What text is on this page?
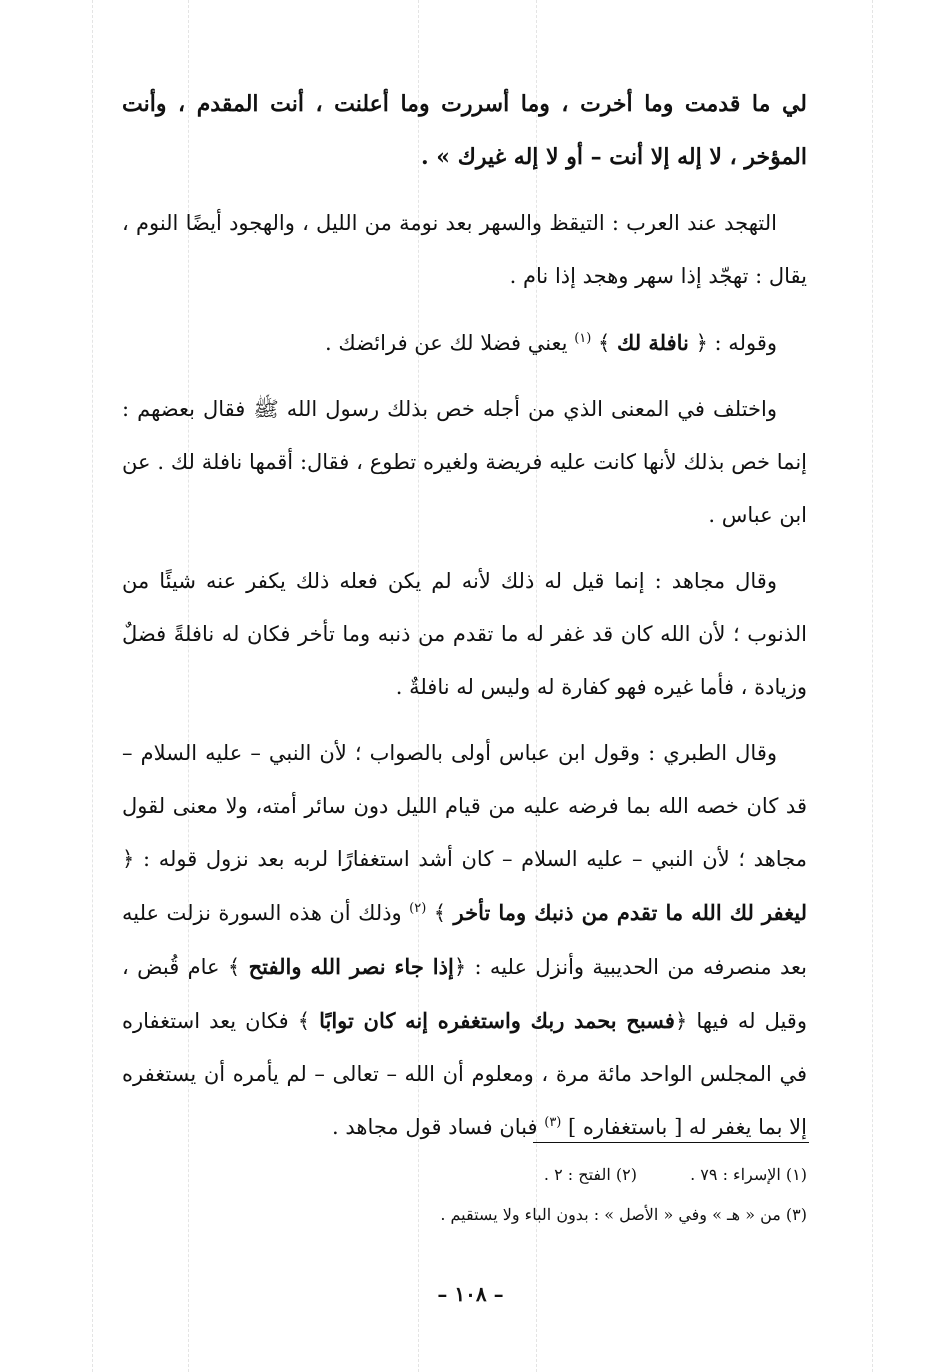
لي ما قدمت وما أخرت ، وما أسررت وما أعلنت ، أنت المقدم ، وأنت المؤخر ، لا إله إلا أنت – أو لا إله غيرك » .

التهجد عند العرب : التيقظ والسهر بعد نومة من الليل ، والهجود أيضًا النوم ، يقال : تهجّد إذا سهر وهجد إذا نام .

وقوله : ﴿ نافلة لك ﴾ $^{(١)}$ يعني فضلا لك عن فرائضك .

واختلف في المعنى الذي من أجله خص بذلك رسول الله ﷺ فقال بعضهم : إنما خص بذلك لأنها كانت عليه فريضة ولغيره تطوع ، فقال: أقمها نافلة لك . عن ابن عباس .

وقال مجاهد : إنما قيل له ذلك لأنه لم يكن فعله ذلك يكفر عنه شيئًا من الذنوب ؛ لأن الله كان قد غفر له ما تقدم من ذنبه وما تأخر فكان له نافلةً فضلٌ وزيادة ، فأما غيره فهو كفارة له وليس له نافلةٌ .

وقال الطبري : وقول ابن عباس أولى بالصواب ؛ لأن النبي – عليه السلام – قد كان خصه الله بما فرضه عليه من قيام الليل دون سائر أمته، ولا معنى لقول مجاهد ؛ لأن النبي – عليه السلام – كان أشد استغفارًا لربه بعد نزول قوله : ﴿ ليغفر لك الله ما تقدم من ذنبك وما تأخر ﴾ $^{(٢)}$ وذلك أن هذه السورة نزلت عليه بعد منصرفه من الحديبية وأنزل عليه : ﴿إذا جاء نصر الله والفتح ﴾ عام قُبض ، وقيل له فيها ﴿فسبح بحمد ربك واستغفره إنه كان توابًا ﴾ فكان يعد استغفاره في المجلس الواحد مائة مرة ، ومعلوم أن الله – تعالى – لم يأمره أن يستغفره إلا بما يغفر له [ باستغفاره ] $^{(٣)}$ فبان فساد قول مجاهد .

(١) الإسراء : ٧٩ .
(٢) الفتح : ٢ .
(٣) من « هـ » وفي « الأصل » : بدون الباء ولا يستقيم .
– ١٠٨ –
